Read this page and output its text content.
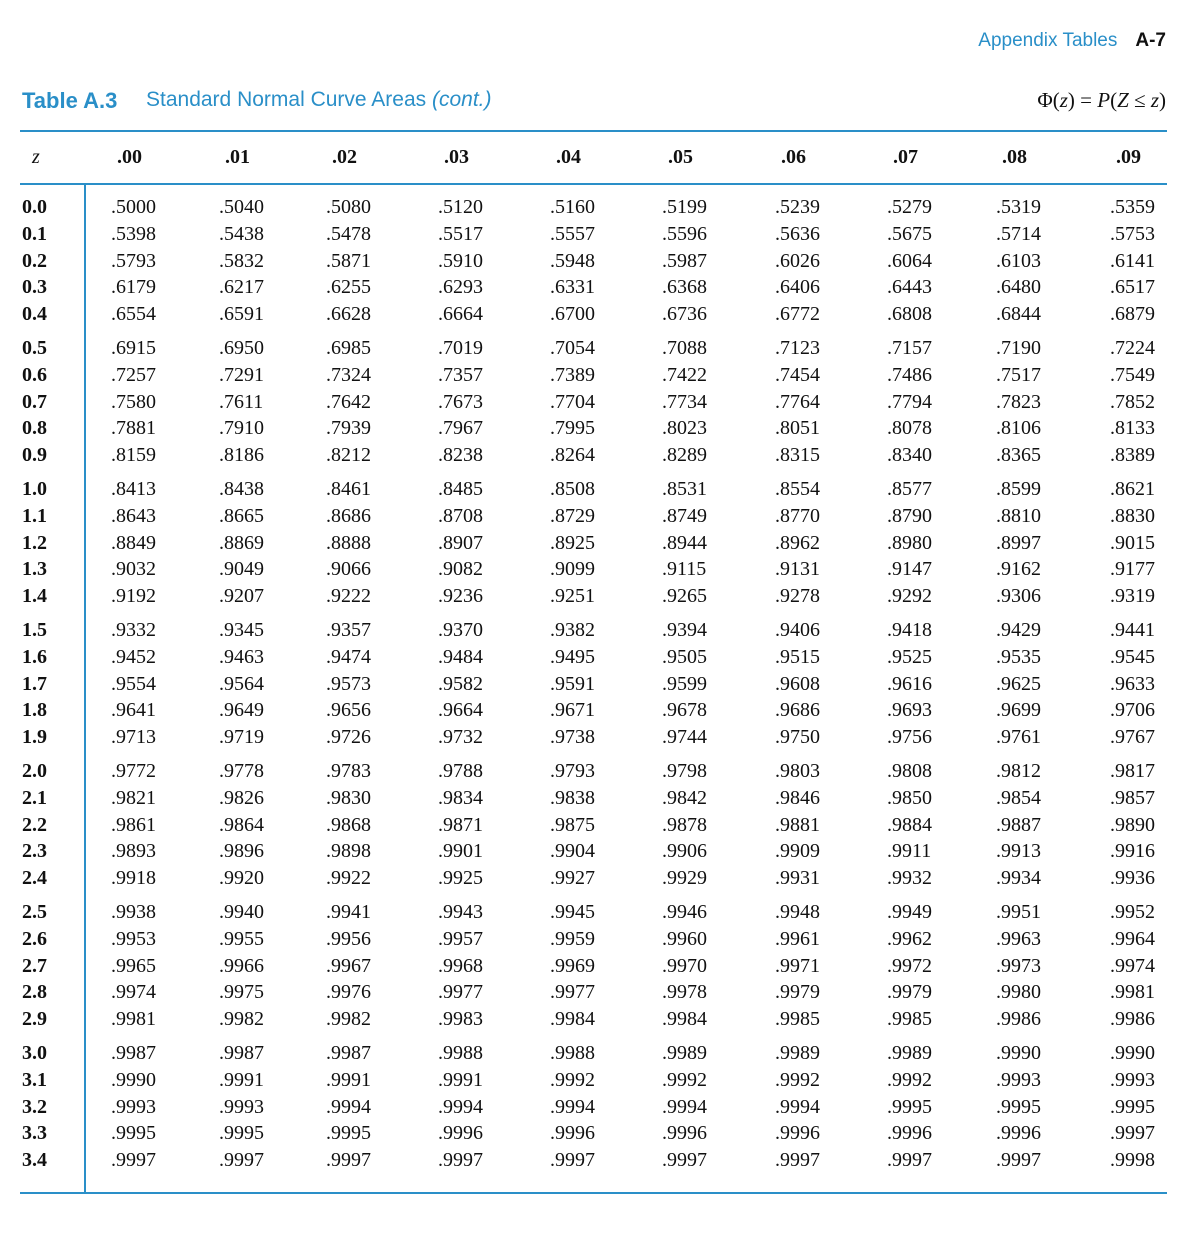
Appendix Tables A-7
Table A.3 Standard Normal Curve Areas (cont.)	Φ(z) = P(Z ≤ z)
z	.00	.01	.02	.03	.04	.05	.06	.07	.08	.09
0.0	.5000	.5040	.5080	.5120	.5160	.5199	.5239	.5279	.5319	.5359
0.1	.5398	.5438	.5478	.5517	.5557	.5596	.5636	.5675	.5714	.5753
0.2	.5793	.5832	.5871	.5910	.5948	.5987	.6026	.6064	.6103	.6141
0.3	.6179	.6217	.6255	.6293	.6331	.6368	.6406	.6443	.6480	.6517
0.4	.6554	.6591	.6628	.6664	.6700	.6736	.6772	.6808	.6844	.6879
0.5	.6915	.6950	.6985	.7019	.7054	.7088	.7123	.7157	.7190	.7224
0.6	.7257	.7291	.7324	.7357	.7389	.7422	.7454	.7486	.7517	.7549
0.7	.7580	.7611	.7642	.7673	.7704	.7734	.7764	.7794	.7823	.7852
0.8	.7881	.7910	.7939	.7967	.7995	.8023	.8051	.8078	.8106	.8133
0.9	.8159	.8186	.8212	.8238	.8264	.8289	.8315	.8340	.8365	.8389
1.0	.8413	.8438	.8461	.8485	.8508	.8531	.8554	.8577	.8599	.8621
1.1	.8643	.8665	.8686	.8708	.8729	.8749	.8770	.8790	.8810	.8830
1.2	.8849	.8869	.8888	.8907	.8925	.8944	.8962	.8980	.8997	.9015
1.3	.9032	.9049	.9066	.9082	.9099	.9115	.9131	.9147	.9162	.9177
1.4	.9192	.9207	.9222	.9236	.9251	.9265	.9278	.9292	.9306	.9319
1.5	.9332	.9345	.9357	.9370	.9382	.9394	.9406	.9418	.9429	.9441
1.6	.9452	.9463	.9474	.9484	.9495	.9505	.9515	.9525	.9535	.9545
1.7	.9554	.9564	.9573	.9582	.9591	.9599	.9608	.9616	.9625	.9633
1.8	.9641	.9649	.9656	.9664	.9671	.9678	.9686	.9693	.9699	.9706
1.9	.9713	.9719	.9726	.9732	.9738	.9744	.9750	.9756	.9761	.9767
2.0	.9772	.9778	.9783	.9788	.9793	.9798	.9803	.9808	.9812	.9817
2.1	.9821	.9826	.9830	.9834	.9838	.9842	.9846	.9850	.9854	.9857
2.2	.9861	.9864	.9868	.9871	.9875	.9878	.9881	.9884	.9887	.9890
2.3	.9893	.9896	.9898	.9901	.9904	.9906	.9909	.9911	.9913	.9916
2.4	.9918	.9920	.9922	.9925	.9927	.9929	.9931	.9932	.9934	.9936
2.5	.9938	.9940	.9941	.9943	.9945	.9946	.9948	.9949	.9951	.9952
2.6	.9953	.9955	.9956	.9957	.9959	.9960	.9961	.9962	.9963	.9964
2.7	.9965	.9966	.9967	.9968	.9969	.9970	.9971	.9972	.9973	.9974
2.8	.9974	.9975	.9976	.9977	.9977	.9978	.9979	.9979	.9980	.9981
2.9	.9981	.9982	.9982	.9983	.9984	.9984	.9985	.9985	.9986	.9986
3.0	.9987	.9987	.9987	.9988	.9988	.9989	.9989	.9989	.9990	.9990
3.1	.9990	.9991	.9991	.9991	.9992	.9992	.9992	.9992	.9993	.9993
3.2	.9993	.9993	.9994	.9994	.9994	.9994	.9994	.9995	.9995	.9995
3.3	.9995	.9995	.9995	.9996	.9996	.9996	.9996	.9996	.9996	.9997
3.4	.9997	.9997	.9997	.9997	.9997	.9997	.9997	.9997	.9997	.9998
